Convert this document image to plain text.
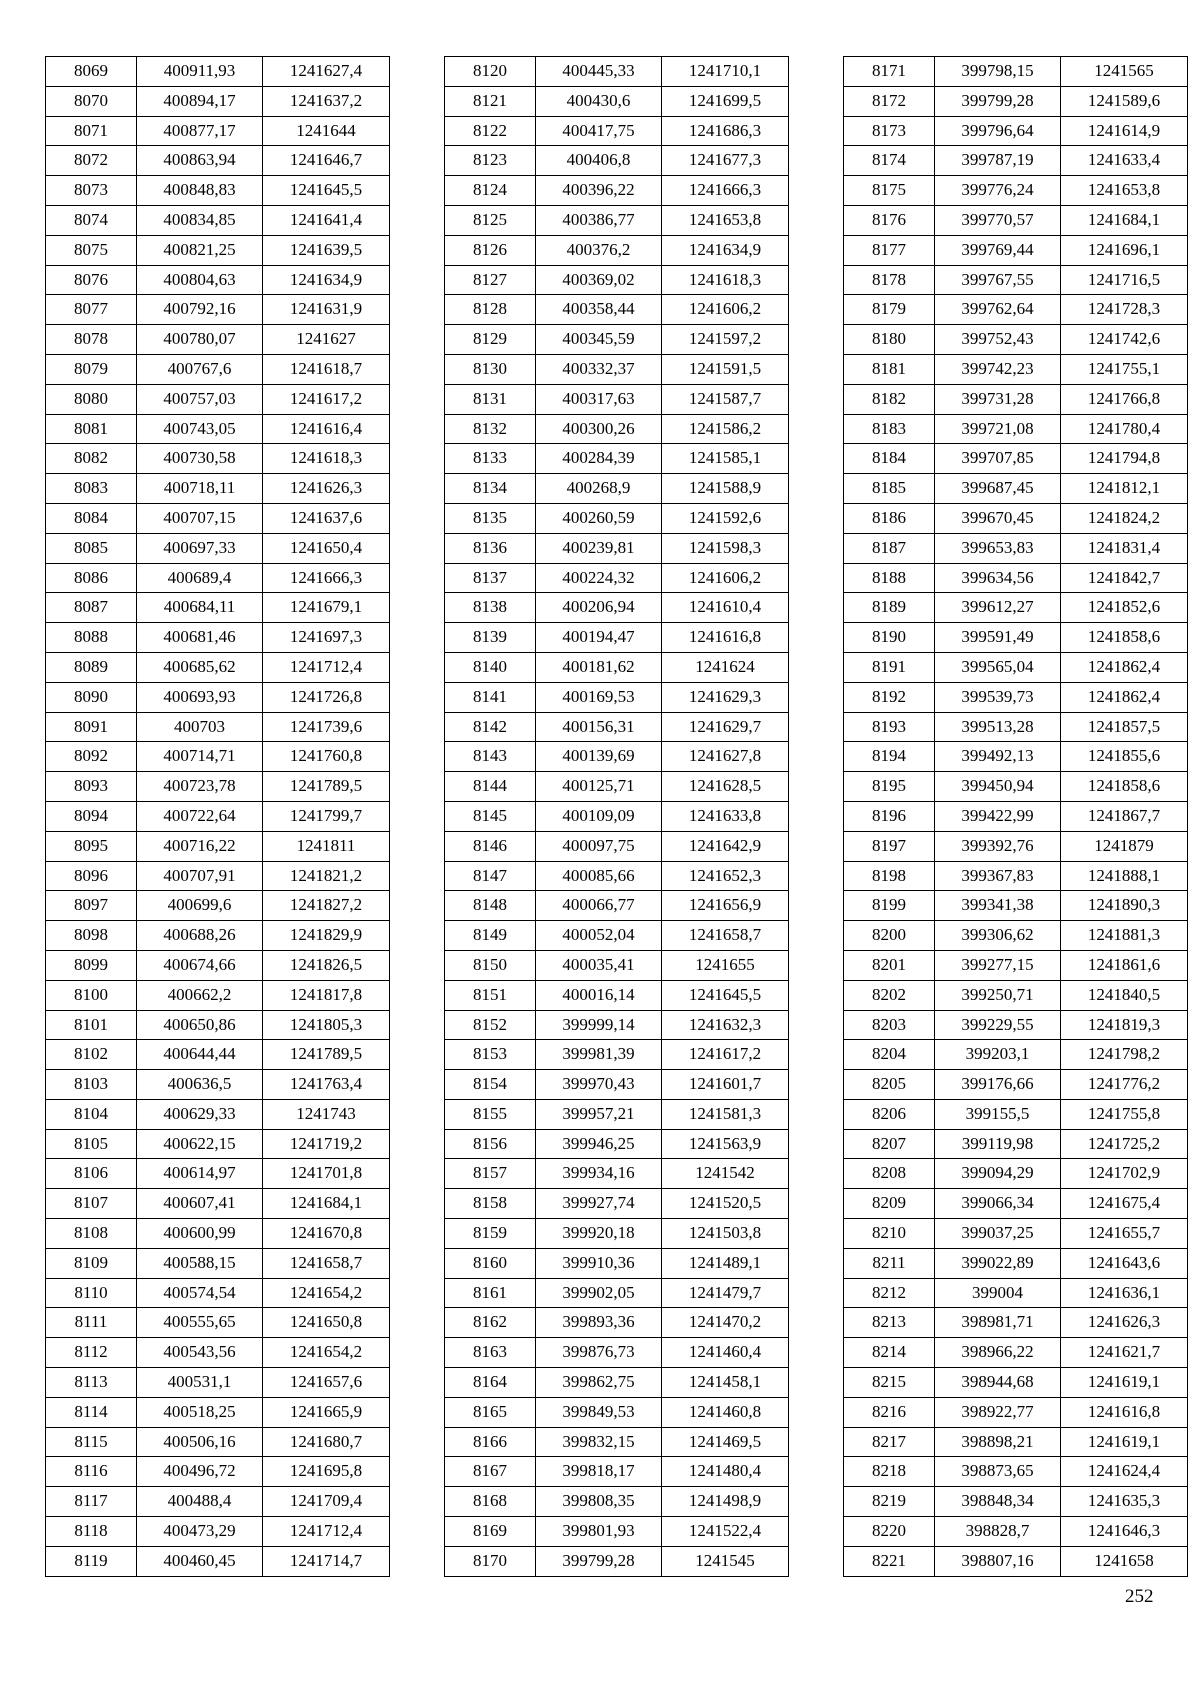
8069	400911,93	1241627,4
8070	400894,17	1241637,2
8071	400877,17	1241644
8072	400863,94	1241646,7
8073	400848,83	1241645,5
8074	400834,85	1241641,4
8075	400821,25	1241639,5
8076	400804,63	1241634,9
8077	400792,16	1241631,9
8078	400780,07	1241627
8079	400767,6	1241618,7
8080	400757,03	1241617,2
8081	400743,05	1241616,4
8082	400730,58	1241618,3
8083	400718,11	1241626,3
8084	400707,15	1241637,6
8085	400697,33	1241650,4
8086	400689,4	1241666,3
8087	400684,11	1241679,1
8088	400681,46	1241697,3
8089	400685,62	1241712,4
8090	400693,93	1241726,8
8091	400703	1241739,6
8092	400714,71	1241760,8
8093	400723,78	1241789,5
8094	400722,64	1241799,7
8095	400716,22	1241811
8096	400707,91	1241821,2
8097	400699,6	1241827,2
8098	400688,26	1241829,9
8099	400674,66	1241826,5
8100	400662,2	1241817,8
8101	400650,86	1241805,3
8102	400644,44	1241789,5
8103	400636,5	1241763,4
8104	400629,33	1241743
8105	400622,15	1241719,2
8106	400614,97	1241701,8
8107	400607,41	1241684,1
8108	400600,99	1241670,8
8109	400588,15	1241658,7
8110	400574,54	1241654,2
8111	400555,65	1241650,8
8112	400543,56	1241654,2
8113	400531,1	1241657,6
8114	400518,25	1241665,9
8115	400506,16	1241680,7
8116	400496,72	1241695,8
8117	400488,4	1241709,4
8118	400473,29	1241712,4
8119	400460,45	1241714,7
8120	400445,33	1241710,1
8121	400430,6	1241699,5
8122	400417,75	1241686,3
8123	400406,8	1241677,3
8124	400396,22	1241666,3
8125	400386,77	1241653,8
8126	400376,2	1241634,9
8127	400369,02	1241618,3
8128	400358,44	1241606,2
8129	400345,59	1241597,2
8130	400332,37	1241591,5
8131	400317,63	1241587,7
8132	400300,26	1241586,2
8133	400284,39	1241585,1
8134	400268,9	1241588,9
8135	400260,59	1241592,6
8136	400239,81	1241598,3
8137	400224,32	1241606,2
8138	400206,94	1241610,4
8139	400194,47	1241616,8
8140	400181,62	1241624
8141	400169,53	1241629,3
8142	400156,31	1241629,7
8143	400139,69	1241627,8
8144	400125,71	1241628,5
8145	400109,09	1241633,8
8146	400097,75	1241642,9
8147	400085,66	1241652,3
8148	400066,77	1241656,9
8149	400052,04	1241658,7
8150	400035,41	1241655
8151	400016,14	1241645,5
8152	399999,14	1241632,3
8153	399981,39	1241617,2
8154	399970,43	1241601,7
8155	399957,21	1241581,3
8156	399946,25	1241563,9
8157	399934,16	1241542
8158	399927,74	1241520,5
8159	399920,18	1241503,8
8160	399910,36	1241489,1
8161	399902,05	1241479,7
8162	399893,36	1241470,2
8163	399876,73	1241460,4
8164	399862,75	1241458,1
8165	399849,53	1241460,8
8166	399832,15	1241469,5
8167	399818,17	1241480,4
8168	399808,35	1241498,9
8169	399801,93	1241522,4
8170	399799,28	1241545
8171	399798,15	1241565
8172	399799,28	1241589,6
8173	399796,64	1241614,9
8174	399787,19	1241633,4
8175	399776,24	1241653,8
8176	399770,57	1241684,1
8177	399769,44	1241696,1
8178	399767,55	1241716,5
8179	399762,64	1241728,3
8180	399752,43	1241742,6
8181	399742,23	1241755,1
8182	399731,28	1241766,8
8183	399721,08	1241780,4
8184	399707,85	1241794,8
8185	399687,45	1241812,1
8186	399670,45	1241824,2
8187	399653,83	1241831,4
8188	399634,56	1241842,7
8189	399612,27	1241852,6
8190	399591,49	1241858,6
8191	399565,04	1241862,4
8192	399539,73	1241862,4
8193	399513,28	1241857,5
8194	399492,13	1241855,6
8195	399450,94	1241858,6
8196	399422,99	1241867,7
8197	399392,76	1241879
8198	399367,83	1241888,1
8199	399341,38	1241890,3
8200	399306,62	1241881,3
8201	399277,15	1241861,6
8202	399250,71	1241840,5
8203	399229,55	1241819,3
8204	399203,1	1241798,2
8205	399176,66	1241776,2
8206	399155,5	1241755,8
8207	399119,98	1241725,2
8208	399094,29	1241702,9
8209	399066,34	1241675,4
8210	399037,25	1241655,7
8211	399022,89	1241643,6
8212	399004	1241636,1
8213	398981,71	1241626,3
8214	398966,22	1241621,7
8215	398944,68	1241619,1
8216	398922,77	1241616,8
8217	398898,21	1241619,1
8218	398873,65	1241624,4
8219	398848,34	1241635,3
8220	398828,7	1241646,3
8221	398807,16	1241658
252
